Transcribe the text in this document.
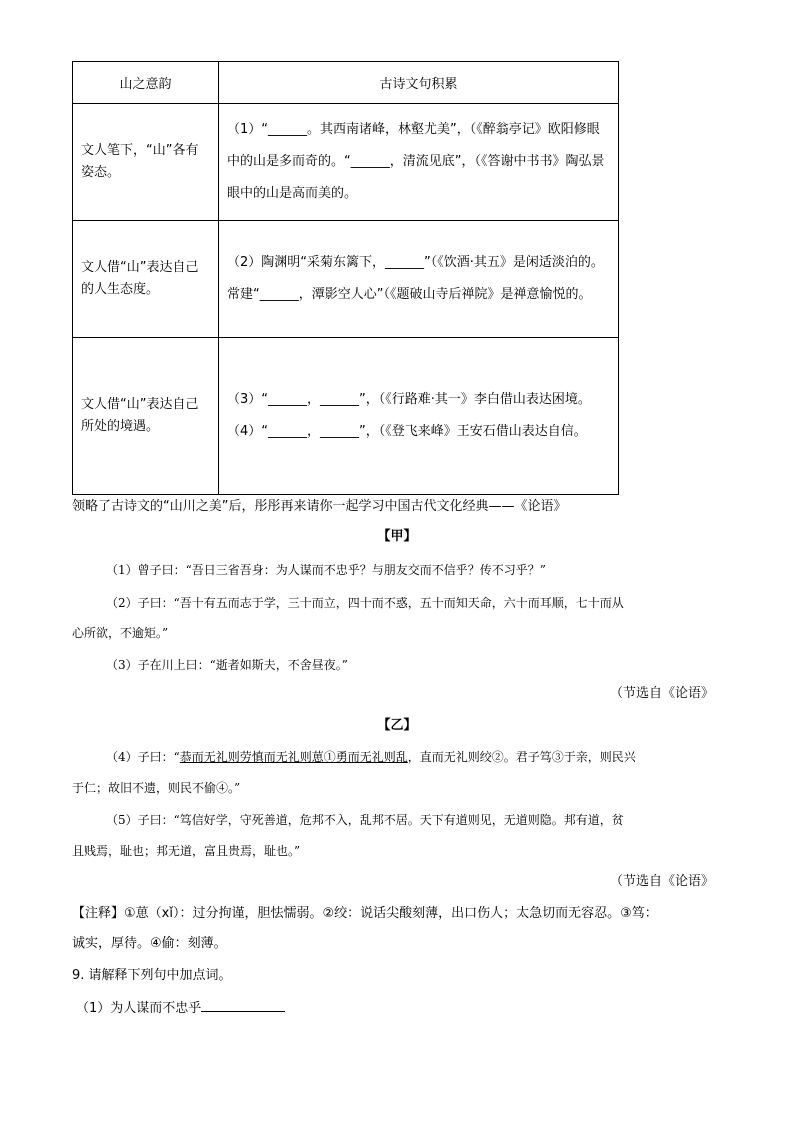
山之意韵	古诗文句积累
文人笔下，“山”各有姿态。	（1）“______。其西南诸峰，林壑尤美”，（《醉翁亭记》欧阳修眼中的山是多而奇的。“______，清流见底”，（《答谢中书书》陶弘景眼中的山是高而美的。
文人借“山”表达自己的人生态度。	（2）陶渊明“采菊东篱下，______”（《饮酒·其五》是闲适淡泊的。常建“______，潭影空人心”（《题破山寺后禅院》是禅意愉悦的。
文人借“山”表达自己所处的境遇。	（3）“______，______”，（《行路难·其一》李白借山表达困境。
（4）“______，______”，（《登飞来峰》王安石借山表达自信。
领略了古诗文的“山川之美”后，彤彤再来请你一起学习中国古代文化经典——《论语》
【甲】
（1）曾子曰：“吾日三省吾身：为人谋而不忠乎？与朋友交而不信乎？传不习乎？”
（2）子曰：“吾十有五而志于学，三十而立，四十而不惑，五十而知天命，六十而耳顺，七十而从
心所欲，不逾矩。”
（3）子在川上曰：“逝者如斯夫，不舍昼夜。”
（节选自《论语》
【乙】
（4）子曰：“恭而无礼则劳慎而无礼则葸①勇而无礼则乱，直而无礼则绞②。君子笃③于亲，则民兴
于仁；故旧不遗，则民不偷④。”
（5）子曰：“笃信好学，守死善道，危邦不入，乱邦不居。天下有道则见，无道则隐。邦有道，贫
且贱焉，耻也；邦无道，富且贵焉，耻也。”
（节选自《论语》
【注释】①葸（xǐ）：过分拘谨，胆怯懦弱。②绞：说话尖酸刻薄，出口伤人；太急切而无容忍。③笃：
诚实，厚待。④偷：刻薄。
9. 请解释下列句中加点词。
（1）为人谋而不忠乎
